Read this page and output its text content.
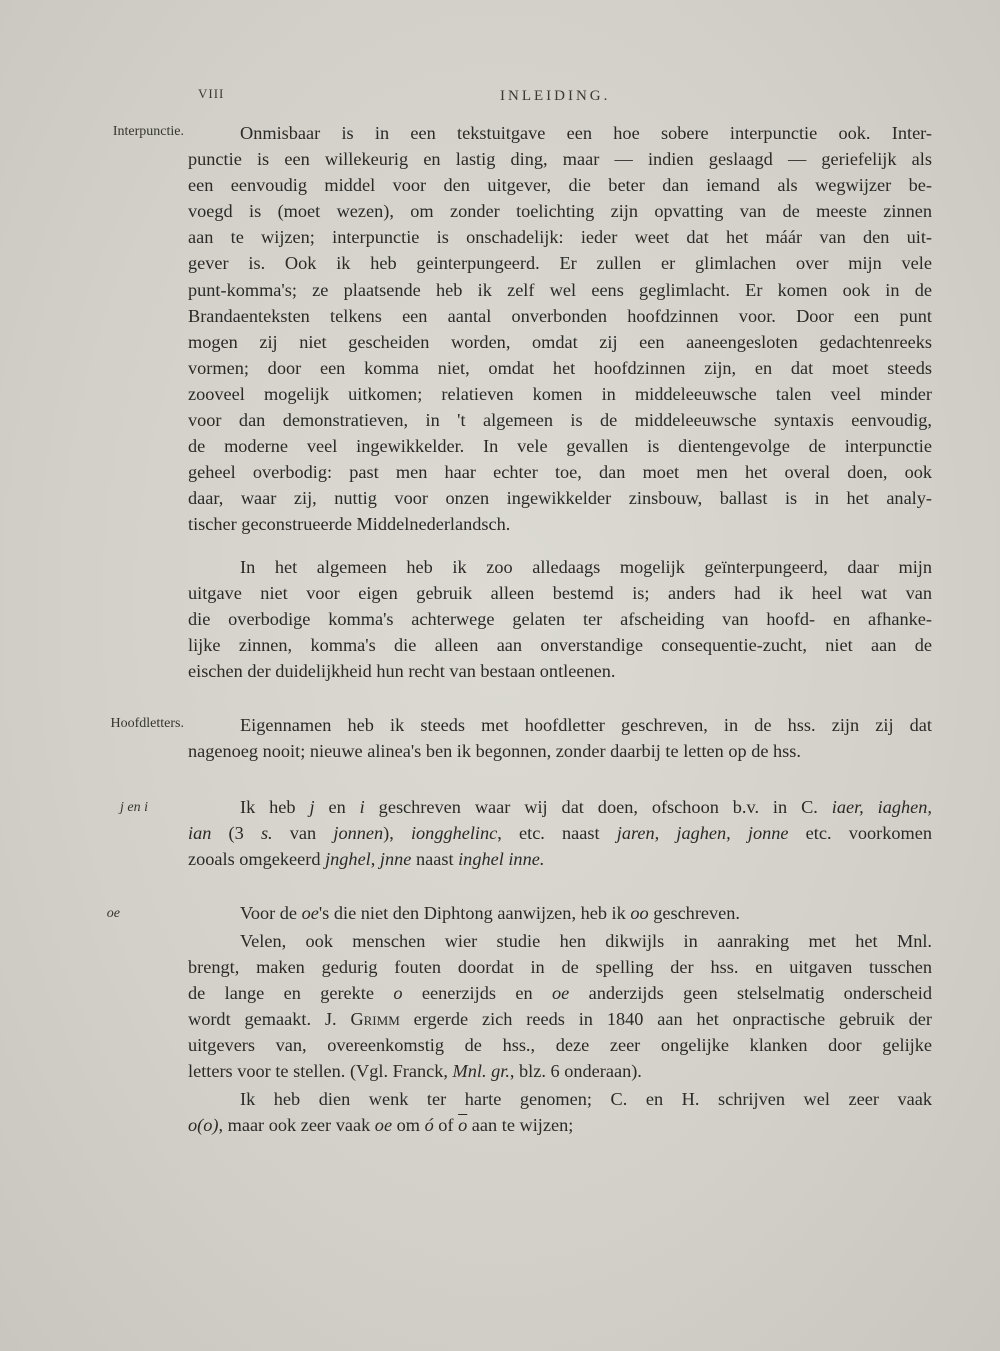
VIII	INLEIDING.
Interpunctie.
Hoofdletters.
j en i
oe
Onmisbaar is in een tekstuitgave een hoe sobere interpunctie ook. Inter-
punctie is een willekeurig en lastig ding, maar — indien geslaagd — geriefelijk als
een eenvoudig middel voor den uitgever, die beter dan iemand als wegwijzer be-
voegd is (moet wezen), om zonder toelichting zijn opvatting van de meeste zinnen
aan te wijzen; interpunctie is onschadelijk: ieder weet dat het máár van den uit-
gever is. Ook ik heb geinterpungeerd. Er zullen er glimlachen over mijn vele
punt-komma's; ze plaatsende heb ik zelf wel eens geglimlacht. Er komen ook in de
Brandaenteksten telkens een aantal onverbonden hoofdzinnen voor. Door een punt
mogen zij niet gescheiden worden, omdat zij een aaneengesloten gedachtenreeks
vormen; door een komma niet, omdat het hoofdzinnen zijn, en dat moet steeds
zooveel mogelijk uitkomen; relatieven komen in middeleeuwsche talen veel minder
voor dan demonstratieven, in 't algemeen is de middeleeuwsche syntaxis eenvoudig,
de moderne veel ingewikkelder. In vele gevallen is dientengevolge de interpunctie
geheel overbodig: past men haar echter toe, dan moet men het overal doen, ook
daar, waar zij, nuttig voor onzen ingewikkelder zinsbouw, ballast is in het analy-
tischer geconstrueerde Middelnederlandsch.
In het algemeen heb ik zoo alledaags mogelijk geïnterpungeerd, daar mijn
uitgave niet voor eigen gebruik alleen bestemd is; anders had ik heel wat van
die overbodige komma's achterwege gelaten ter afscheiding van hoofd- en afhanke-
lijke zinnen, komma's die alleen aan onverstandige consequentie-zucht, niet aan de
eischen der duidelijkheid hun recht van bestaan ontleenen.
Eigennamen heb ik steeds met hoofdletter geschreven, in de hss. zijn zij dat
nagenoeg nooit; nieuwe alinea's ben ik begonnen, zonder daarbij te letten op de hss.
Ik heb j en i geschreven waar wij dat doen, ofschoon b.v. in C. iaer, iaghen,
ian (3 s. van jonnen), iongghelinc, etc. naast jaren, jaghen, jonne etc. voorkomen
zooals omgekeerd jnghel, jnne naast inghel inne.
Voor de oe's die niet den Diphtong aanwijzen, heb ik oo geschreven.
Velen, ook menschen wier studie hen dikwijls in aanraking met het Mnl.
brengt, maken gedurig fouten doordat in de spelling der hss. en uitgaven tusschen
de lange en gerekte o eenerzijds en oe anderzijds geen stelselmatig onderscheid
wordt gemaakt. J. Grimm ergerde zich reeds in 1840 aan het onpractische gebruik der
uitgevers van, overeenkomstig de hss., deze zeer ongelijke klanken door gelijke
letters voor te stellen. (Vgl. Franck, Mnl. gr., blz. 6 onderaan).
Ik heb dien wenk ter harte genomen; C. en H. schrijven wel zeer vaak
o(o), maar ook zeer vaak oe om ó of $\overline{o}$ aan te wijzen;
